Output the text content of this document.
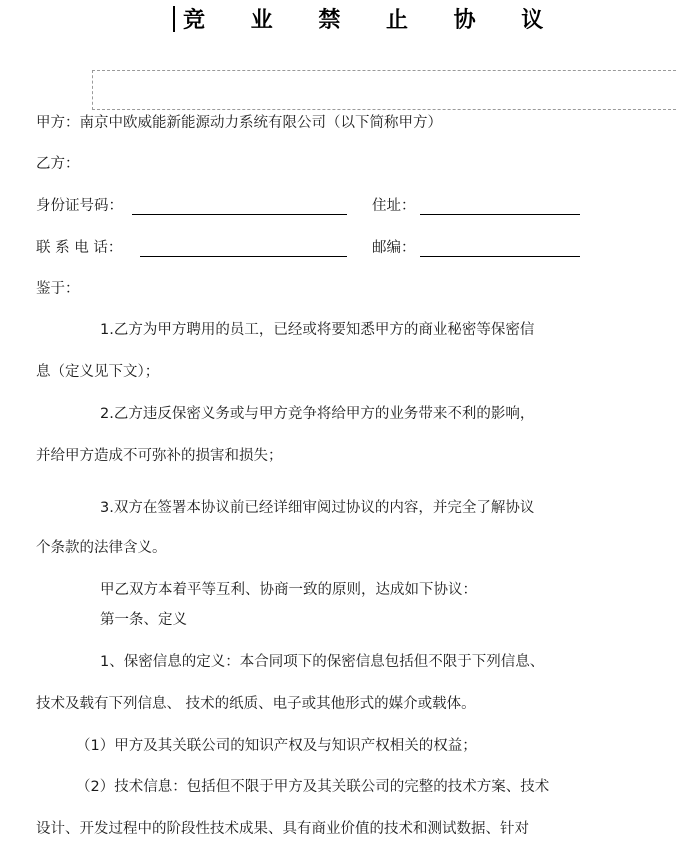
竞 业 禁 止 协 议
甲方：南京中欧威能新能源动力系统有限公司（以下简称甲方）
乙方：
身份证号码：	住址：
联 系 电 话：	邮编：
鉴于：
1.乙方为甲方聘用的员工，已经或将要知悉甲方的商业秘密等保密信
息（定义见下文）；
2.乙方违反保密义务或与甲方竞争将给甲方的业务带来不利的影响，
并给甲方造成不可弥补的损害和损失；
3.双方在签署本协议前已经详细审阅过协议的内容，并完全了解协议
个条款的法律含义。
甲乙双方本着平等互利、协商一致的原则，达成如下协议：
第一条、定义
1、保密信息的定义：本合同项下的保密信息包括但不限于下列信息、
技术及载有下列信息、 技术的纸质、电子或其他形式的媒介或载体。
（1）甲方及其关联公司的知识产权及与知识产权相关的权益；
（2）技术信息：包括但不限于甲方及其关联公司的完整的技术方案、技术
设计、开发过程中的阶段性技术成果、具有商业价值的技术和测试数据、针对
